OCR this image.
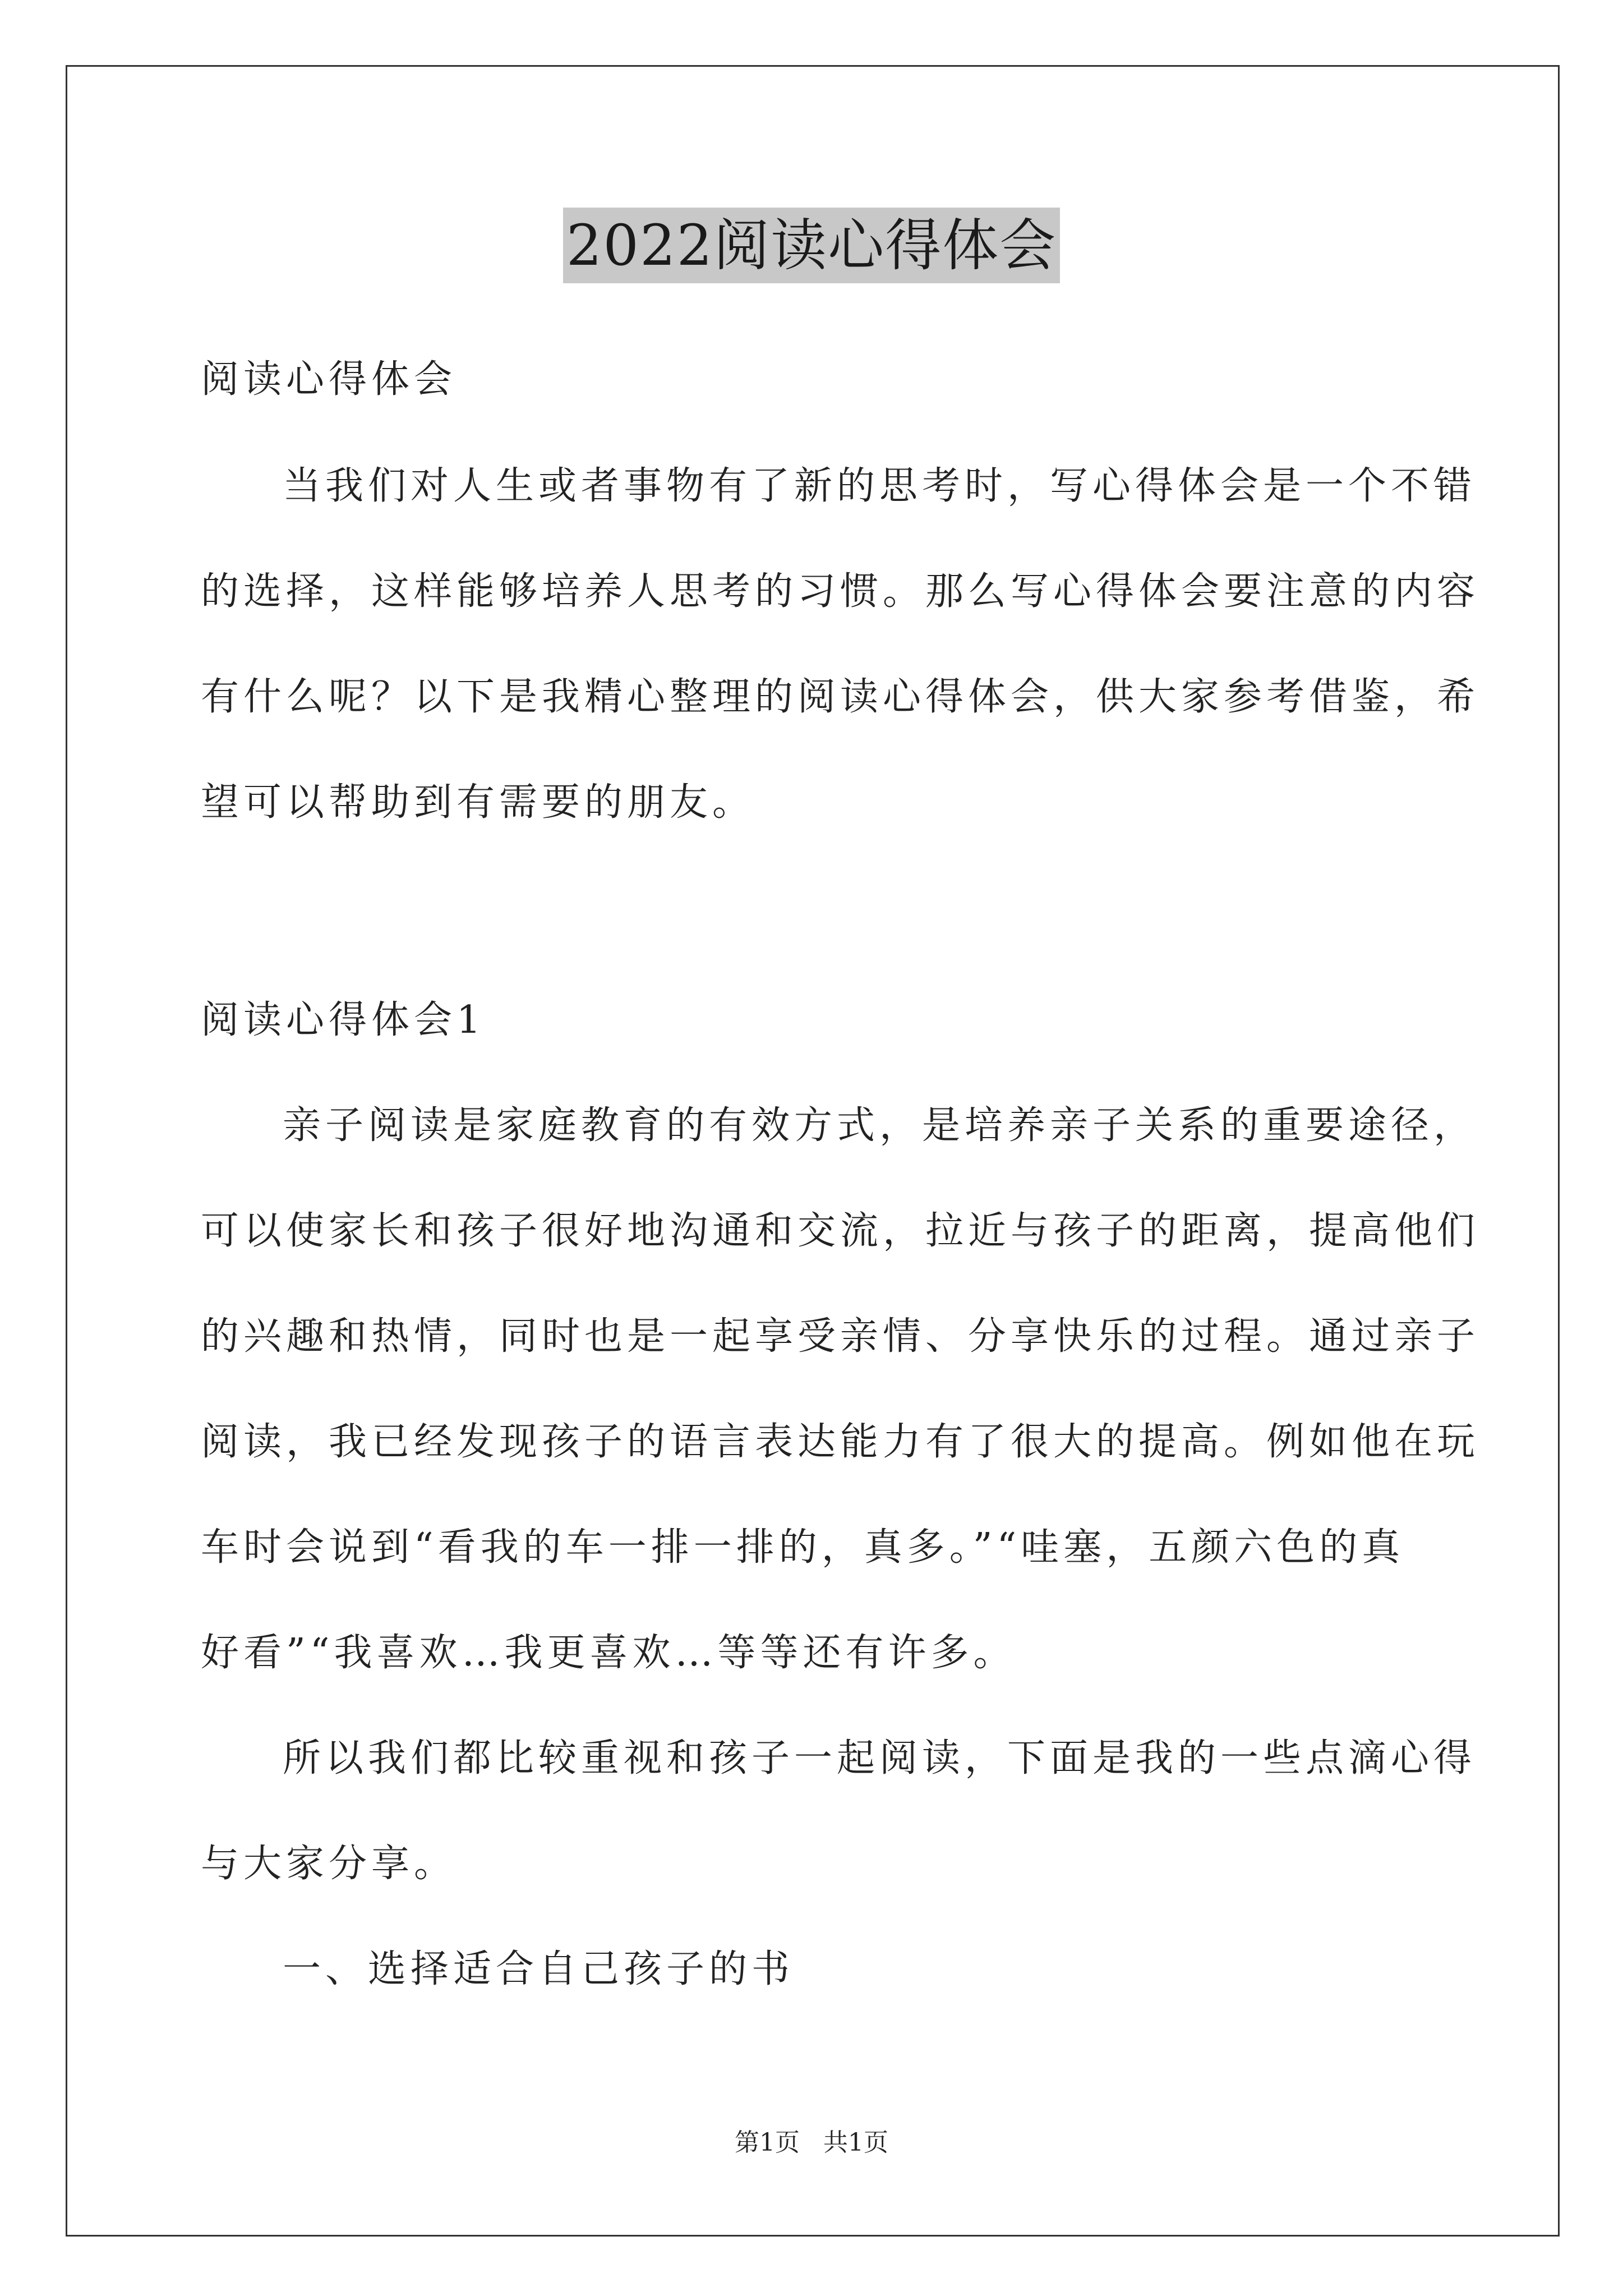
2022阅读心得体会
阅读心得体会
当我们对人生或者事物有了新的思考时，写心得体会是一个不错
的选择，这样能够培养人思考的习惯。那么写心得体会要注意的内容
有什么呢？以下是我精心整理的阅读心得体会，供大家参考借鉴，希
望可以帮助到有需要的朋友。
阅读心得体会1
亲子阅读是家庭教育的有效方式，是培养亲子关系的重要途径，
可以使家长和孩子很好地沟通和交流，拉近与孩子的距离，提高他们
的兴趣和热情，同时也是一起享受亲情、分享快乐的过程。通过亲子
阅读，我已经发现孩子的语言表达能力有了很大的提高。例如他在玩
车时会说到“看我的车一排一排的，真多。”“哇塞，五颜六色的真
好看”“我喜欢…我更喜欢…等等还有许多。
所以我们都比较重视和孩子一起阅读，下面是我的一些点滴心得
与大家分享。
一、选择适合自己孩子的书
第1页 共1页
